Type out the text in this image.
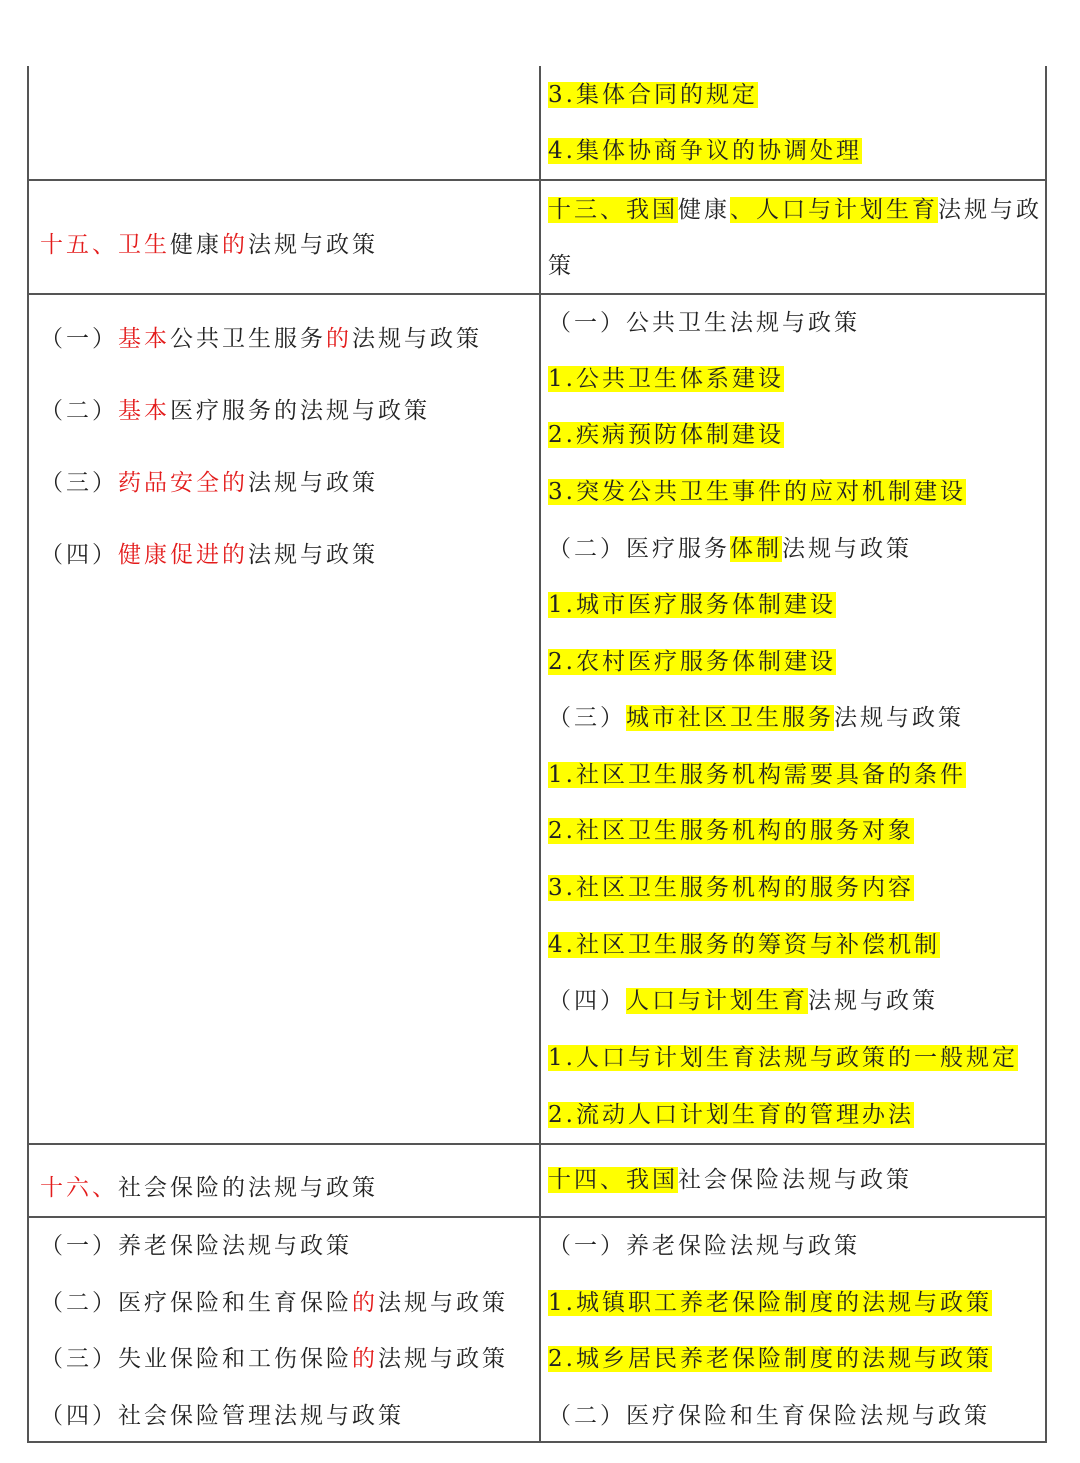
3.集体合同的规定
4.集体协商争议的协调处理
十五、卫生健康的法规与政策
十三、我国健康、人口与计划生育法规与政
策
（一）基本公共卫生服务的法规与政策
（二）基本医疗服务的法规与政策
（三）药品安全的法规与政策
（四）健康促进的法规与政策
（一）公共卫生法规与政策
1.公共卫生体系建设
2.疾病预防体制建设
3.突发公共卫生事件的应对机制建设
（二）医疗服务体制法规与政策
1.城市医疗服务体制建设
2.农村医疗服务体制建设
（三）城市社区卫生服务法规与政策
1.社区卫生服务机构需要具备的条件
2.社区卫生服务机构的服务对象
3.社区卫生服务机构的服务内容
4.社区卫生服务的筹资与补偿机制
（四）人口与计划生育法规与政策
1.人口与计划生育法规与政策的一般规定
2.流动人口计划生育的管理办法
十六、社会保险的法规与政策	十四、我国社会保险法规与政策
（一）养老保险法规与政策
（二）医疗保险和生育保险的法规与政策
（三）失业保险和工伤保险的法规与政策
（四）社会保险管理法规与政策
（一）养老保险法规与政策
1.城镇职工养老保险制度的法规与政策
2.城乡居民养老保险制度的法规与政策
（二）医疗保险和生育保险法规与政策
